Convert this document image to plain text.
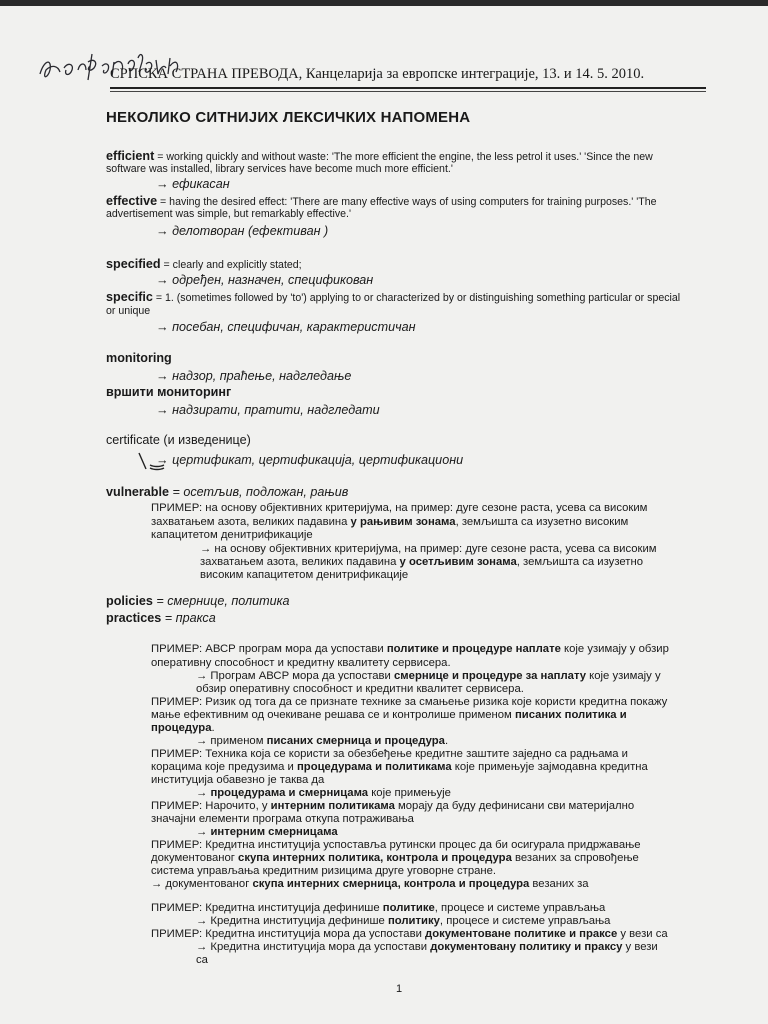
СРПСКА СТРАНА ПРЕВОДА, Канцеларија за европске интеграције, 13. и 14. 5. 2010.
НЕКОЛИКО СИТНИЈИХ ЛЕКСИЧКИХ НАПОМЕНА
efficient = working quickly and without waste: 'The more efficient the engine, the less petrol it uses.' 'Since the new
software was installed, library services have become much more efficient.'
→ ефикасан
effective = having the desired effect: 'There are many effective ways of using computers for training purposes.' 'The
advertisement was simple, but remarkably effective.'
→ делотворан (ефективан )
specified = clearly and explicitly stated;
→ одређен, назначен, спецификован
specific = 1. (sometimes followed by 'to') applying to or characterized by or distinguishing something particular or special
or unique
→ посебан, специфичан, карактеристичан
monitoring
→ надзор, праћење, надгледање
вршити мониторинг
→ надзирати, пратити, надгледати
certificate (и изведенице)
→ цертификат, цертификација, цертификациони
vulnerable = осетљив, подложан, рањив
ПРИМЕР: на основу објективних критеријума, на пример: дуге сезоне раста, усева са високим
захватањем азота, великих падавина у рањивим зонама, земљишта са изузетно високим
капацитетом денитрификације
→ на основу објективних критеријума, на пример: дуге сезоне раста, усева са високим
захватањем азота, великих падавина у осетљивим зонама, земљишта са изузетно
високим капацитетом денитрификације
policies = смернице, политика
practices = пракса
ПРИМЕР: АВСР програм мора да успостави политике и процедуре наплате које узимају у обзир
оперативну способност и кредитну квалитету сервисера.
→ Програм АВСР мора да успостави смернице и процедуре за наплату које узимају у
обзир оперативну способност и кредитни квалитет сервисера.
ПРИМЕР: Ризик од тога да се признате технике за смањење ризика које користи кредитна покажу
мање ефективним од очекиване решава се и контролише применом писаних политика и
процедура.
→ применом писаних смерница и процедура.
ПРИМЕР: Техника која се користи за обезбеђење кредитне заштите заједно са радњама и
корацима које предузима и процедурама и политикама које примењује зајмодавна кредитна
институција обавезно је таква да
→ процедурама и смерницама које примењује
ПРИМЕР: Нарочито, у интерним политикама морају да буду дефинисани сви материјално
значајни елементи програма откупа потраживања
→ интерним смерницама
ПРИМЕР: Кредитна институција успоставља рутински процес да би осигурала придржавање
документованог скупа интерних политика, контрола и процедура везаних за спровођење
система управљања кредитним ризицима друге уговорне стране.
→ документованог скупа интерних смерница, контрола и процедура везаних за
ПРИМЕР: Кредитна институција дефинише политике, процесе и системе управљања
→ Кредитна институција дефинише политику, процесе и системе управљања
ПРИМЕР: Кредитна институција мора да успостави документоване политике и праксе у вези са
→ Кредитна институција мора да успостави документовану политику и праксу у вези
са
1
